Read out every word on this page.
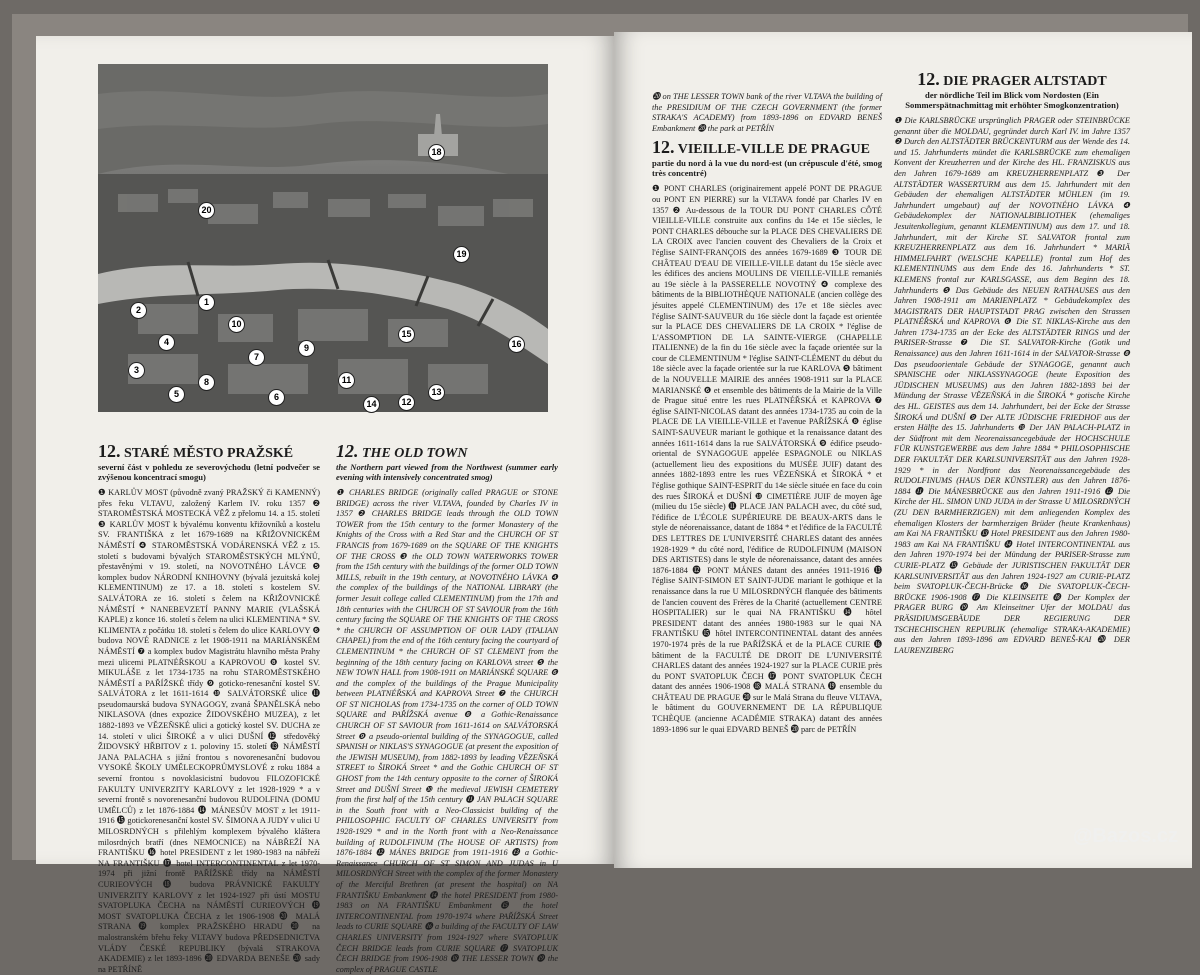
18
20
19
1
2
10
4
15
16
9
7
3
13
5
8	11
12
6
14
12. STARÉ MĚSTO PRAŽSKÉ
severní část v pohledu ze severovýchodu (letní podvečer se zvýšenou koncentrací smogu)

❶ KARLŮV MOST (původně zvaný PRAŽSKÝ či KAMENNÝ) přes řeku VLTAVU, založený Karlem IV. roku 1357 ❷ STAROMĚSTSKÁ MOSTECKÁ VĚŽ z přelomu 14. a 15. století ❸ KARLŮV MOST k bývalému konventu křižovníků a kostelu SV. FRANTIŠKA z let 1679-1689 na KŘIŽOVNICKÉM NÁMĚSTÍ ❹ STAROMĚSTSKÁ VODÁRENSKÁ VĚŽ z 15. století s budovami bývalých STAROMĚSTSKÝCH MLÝNŮ, přestavěnými v 19. století, na NOVOTNÉHO LÁVCE ❺ komplex budov NÁRODNÍ KNIHOVNY (bývalá jezuitská kolej KLEMENTINUM) ze 17. a 18. století s kostelem SV. SALVÁTORA ze 16. století s čelem na KŘIŽOVNICKÉ NÁMĚSTÍ * NANEBEVZETÍ PANNY MARIE (VLAŠSKÁ KAPLE) z konce 16. století s čelem na ulici KLEMENTINA * SV. KLIMENTA z počátku 18. století s čelem do ulice KARLOVY ❻ budova NOVÉ RADNICE z let 1908-1911 na MARIÁNSKÉM NÁMĚSTÍ ❼ a komplex budov Magistrátu hlavního města Prahy mezi ulicemi PLATNÉŘSKOU a KAPROVOU ❽ kostel SV. MIKULÁŠE z let 1734-1735 na rohu STAROMĚSTSKÉHO NÁMĚSTÍ a PAŘÍŽSKÉ třídy ❾ goticko-renesanční kostel SV. SALVÁTORA z let 1611-1614 ❿ SALVÁTORSKÉ ulice ⓫ pseudomaurská budova SYNAGOGY, zvaná ŠPANĚLSKÁ nebo NIKLASOVA (dnes expozice ŽIDOVSKÉHO MUZEA), z let 1882-1893 ve VĚZEŇSKÉ ulici a gotický kostel SV. DUCHA ze 14. století v ulici ŠIROKÉ a v ulici DUŠNÍ ⓬ středověký ŽIDOVSKÝ HŘBITOV z 1. poloviny 15. století ⓭ NÁMĚSTÍ JANA PALACHA s jižní frontou s novorenesanční budovou VYSOKÉ ŠKOLY UMĚLECKOPRŮMYSLOVÉ z roku 1884 a severní frontou s novoklasicistní budovou FILOZOFICKÉ FAKULTY UNIVERZITY KARLOVY z let 1928-1929 * a v severní frontě s novorenesanční budovou RUDOLFINA (DOMU UMĚLCŮ) z let 1876-1884 ⓮ MÁNESŮV MOST z let 1911-1916 ⓯ gotickorenesanční kostel SV. ŠIMONA A JUDY v ulici U MILOSRDNÝCH s přilehlým komplexem bývalého kláštera milosrdných bratří (dnes NEMOCNICE) na NÁBŘEŽÍ NA FRANTIŠKU ⓰ hotel PRESIDENT z let 1980-1983 na nábřeží NA FRANTIŠKU ⓱ hotel INTERCONTINENTAL z let 1970-1974 při jižní frontě PAŘÍŽSKÉ třídy na NÁMĚSTÍ CURIEOVÝCH ⓲ budova PRÁVNICKÉ FAKULTY UNIVERZITY KARLOVY z let 1924-1927 při ústí MOSTU SVATOPLUKA ČECHA na NÁMĚSTÍ CURIEOVÝCH ⓳ MOST SVATOPLUKA ČECHA z let 1906-1908 ⓴ MALÁ STRANA ⓳ komplex PRAŽSKÉHO HRADU ⓴ na malostranském břehu řeky VLTAVY budova PŘEDSEDNICTVA VLÁDY ČESKÉ REPUBLIKY (bývalá STRAKOVA AKADEMIE) z let 1893-1896 ⓴ EDVARDA BENEŠE ⓴ sady na PETŘÍNĚ

12. THE OLD TOWN
the Northern part viewed from the Northwest (summer early evening with intensively concentrated smog)

❶ CHARLES BRIDGE (originally called PRAGUE or STONE BRIDGE) across the river VLTAVA, founded by Charles IV in 1357 ❷ CHARLES BRIDGE leads through the OLD TOWN TOWER from the 15th century to the former Monastery of the Knights of the Cross with a Red Star and the CHURCH OF ST FRANCIS from 1679-1689 on the SQUARE OF THE KNIGHTS OF THE CROSS ❸ the OLD TOWN WATERWORKS TOWER from the 15th century with the buildings of the former OLD TOWN MILLS, rebuilt in the 19th century, at NOVOTNÉHO LÁVKA ❹ the complex of the buildings of the NATIONAL LIBRARY (the former Jesuit college called CLEMENTINUM) from the 17th and 18th centuries with the CHURCH OF ST SAVIOUR from the 16th century facing the SQUARE OF THE KNIGHTS OF THE CROSS * the CHURCH OF ASSUMPTION OF OUR LADY (ITALIAN CHAPEL) from the end of the 16th century facing the courtyard of CLEMENTINUM * the CHURCH OF ST CLEMENT from the beginning of the 18th century facing on KARLOVA street ❺ the NEW TOWN HALL from 1908-1911 on MARIÁNSKÉ SQUARE ❻ and the complex of the buildings of the Prague Municipality between PLATNÉŘSKÁ and KAPROVA Street ❼ the CHURCH OF ST NICHOLAS from 1734-1735 on the corner of OLD TOWN SQUARE and PAŘÍŽSKÁ avenue ❽ a Gothic-Renaissance CHURCH OF ST SAVIOUR from 1611-1614 on SALVÁTORSKÁ Street ❾ a pseudo-oriental building of the SYNAGOGUE, called SPANISH or NIKLAS'S SYNAGOGUE (at present the exposition of the JEWISH MUSEUM), from 1882-1893 by leading VĚZEŇSKÁ STREET to ŠIROKÁ Street * and the Gothic CHURCH OF ST GHOST from the 14th century opposite to the corner of ŠIROKÁ Street and DUŠNÍ Street ❿ the medieval JEWISH CEMETERY from the first half of the 15th century ⓫ JAN PALACH SQUARE in the South front with a Neo-Classicist building of the PHILOSOPHIC FACULTY OF CHARLES UNIVERSITY from 1928-1929 * and in the North front with a Neo-Renaissance building of RUDOLFINUM (The HOUSE OF ARTISTS) from 1876-1884 ⓬ MÁNES BRIDGE from 1911-1916 ⓭ a Gothic-Renaissance CHURCH OF ST SIMON AND JUDAS in U MILOSRDNÝCH Street with the complex of the former Monastery of the Merciful Brethren (at present the hospital) on NA FRANTIŠKU Embankment ⓮ the hotel PRESIDENT from 1980-1983 on NA FRANTIŠKU Embankment ⓯ the hotel INTERCONTINENTAL from 1970-1974 where PAŘÍŽSKÁ Street leads to CURIE SQUARE ⓰ a building of the FACULTY OF LAW CHARLES UNIVERSITY from 1924-1927 where SVATOPLUK ČECH BRIDGE leads from CURIE SQUARE ⓱ SVATOPLUK ČECH BRIDGE from 1906-1908 ⓲ THE LESSER TOWN ⓳ the complex of PRAGUE CASTLE

⓴ on THE LESSER TOWN bank of the river VLTAVA the building of the PRESIDIUM OF THE CZECH GOVERNMENT (the former STRAKA'S ACADEMY) from 1893-1896 on EDVARD BENEŠ Embankment ⓴ the park at PETŘÍN

12. VIEILLE-VILLE DE PRAGUE
partie du nord à la vue du nord-est (un crépuscule d'été, smog très concentré)

❶ PONT CHARLES (originairement appelé PONT DE PRAGUE ou PONT EN PIERRE) sur la VLTAVA fondé par Charles IV en 1357 ❷ Au-dessous de la TOUR DU PONT CHARLES CÔTÉ VIEILLE-VILLE construite aux confins du 14e et 15e siècles, le PONT CHARLES débouche sur la PLACE DES CHEVALIERS DE LA CROIX avec l'ancien couvent des Chevaliers de la Croix et l'église SAINT-FRANÇOIS des années 1679-1689 ❸ TOUR DE CHÂTEAU D'EAU DE VIEILLE-VILLE datant du 15e siècle avec les édifices des anciens MOULINS DE VIEILLE-VILLE remaniés au 19e siècle à la PASSERELLE NOVOTNÝ ❹ complexe des bâtiments de la BIBLIOTHÈQUE NATIONALE (ancien collège des jésuites appelé CLEMENTINUM) des 17e et 18e siècles avec l'église SAINT-SAUVEUR du 16e siècle dont la façade est orientée sur la PLACE DES CHEVALIERS DE LA CROIX * l'église de L'ASSOMPTION DE LA SAINTE-VIERGE (CHAPELLE ITALIENNE) de la fin du 16e siècle avec la façade orientée sur la cour de CLEMENTINUM * l'église SAINT-CLÉMENT du début du 18e siècle avec la façade orientée sur la rue KARLOVA ❺ bâtiment de la NOUVELLE MAIRIE des années 1908-1911 sur la PLACE MARIANSKÉ ❻ et ensemble des bâtiments de la Mairie de la Ville de Prague situé entre les rues PLATNÉŘSKÁ et KAPROVA ❼ église SAINT-NICOLAS datant des années 1734-1735 au coin de la PLACE DE LA VIEILLE-VILLE et l'avenue PAŘÍŽSKÁ ❽ église SAINT-SAUVEUR mariant le gothique et la renaissance datant des années 1611-1614 dans la rue SALVÁTORSKÁ ❾ édifice pseudo-oriental de SYNAGOGUE appelée ESPAGNOLE ou NIKLAS (actuellement lieu des expositions du MUSÉE JUIF) datant des années 1882-1893 entre les rues VĚZEŇSKÁ et ŠIROKÁ * et l'église gothique SAINT-ESPRIT du 14e siècle située en face du coin des rues ŠIROKÁ et DUŠNÍ ❿ CIMETIÈRE JUIF de moyen âge (milieu du 15e siècle) ⓫ PLACE JAN PALACH avec, du côté sud, l'édifice de L'ÉCOLE SUPÉRIEURE DE BEAUX-ARTS dans le style de néorenaissance, datant de 1884 * et l'édifice de la FACULTÉ DES LETTRES DE L'UNIVERSITÉ CHARLES datant des années 1928-1929 * du côté nord, l'édifice de RUDOLFINUM (MAISON DES ARTISTES) dans le style de néorenaissance, datant des années 1876-1884 ⓬ PONT MÁNES datant des années 1911-1916 ⓭ l'église SAINT-SIMON ET SAINT-JUDE mariant le gothique et la renaissance dans la rue U MILOSRDNÝCH flanquée des bâtiments de l'ancien couvent des Frères de la Charité (actuellement CENTRE HOSPITALIER) sur le quai NA FRANTIŠKU ⓮ hôtel PRESIDENT datant des années 1980-1983 sur le quai NA FRANTIŠKU ⓯ hôtel INTERCONTINENTAL datant des années 1970-1974 près de la rue PAŘÍŽSKÁ et de la PLACE CURIE ⓰ bâtiment de la FACULTÉ DE DROIT DE L'UNIVERSITÉ CHARLES datant des années 1924-1927 sur la PLACE CURIE près du PONT SVATOPLUK ČECH ⓱ PONT SVATOPLUK ČECH datant des années 1906-1908 ⓲ MALÁ STRANA ⓳ ensemble du CHÂTEAU DE PRAGUE ⓴ sur le Malá Strana du fleuve VLTAVA, le bâtiment du GOUVERNEMENT DE LA RÉPUBLIQUE TCHÈQUE (ancienne ACADÉMIE STRAKA) datant des années 1893-1896 sur le quai EDVARD BENEŠ ⓴ parc de PETŘÍN

12. DIE PRAGER ALTSTADT
der nördliche Teil im Blick vom Nordosten (Ein Sommerspätnachmittag mit erhöhter Smogkonzentration)

❶ Die KARLSBRÜCKE ursprünglich PRAGER oder STEINBRÜCKE genannt über die MOLDAU, gegründet durch Karl IV. im Jahre 1357 ❷ Durch den ALTSTÄDTER BRÜCKENTURM aus der Wende des 14. und 15. Jahrhunderts mündet die KARLSBRÜCKE zum ehemaligen Konvent der Kreuzherren und der Kirche des HL. FRANZISKUS aus den Jahren 1679-1689 am KREUZHERRENPLATZ ❸ Der ALTSTÄDTER WASSERTURM aus dem 15. Jahrhundert mit den Gebäuden der ehemaligen ALTSTÄDTER MÜHLEN (im 19. Jahrhundert umgebaut) auf der NOVOTNÉHO LÁVKA ❹ Gebäudekomplex der NATIONALBIBLIOTHEK (ehemaliges Jesuitenkollegium, genannt KLEMENTINUM) aus dem 17. und 18. Jahrhundert, mit der Kirche ST. SALVATOR frontal zum KREUZHERRENPLATZ aus dem 16. Jahrhundert * MARIÄ HIMMELFAHRT (WELSCHE KAPELLE) frontal zum Hof des KLEMENTINUMS aus dem Ende des 16. Jahrhunderts * ST. KLEMENS frontal zur KARLSGASSE, aus dem Beginn des 18. Jahrhunderts ❺ Das Gebäude des NEUEN RATHAUSES aus den Jahren 1908-1911 am MARIENPLATZ * Gebäudekomplex des MAGISTRATS DER HAUPTSTADT PRAG zwischen den Strassen PLATNÉŘSKÁ und KAPROVA ❻ Die ST. NIKLAS-Kirche aus den Jahren 1734-1735 an der Ecke des ALTSTÄDTER RINGS und der PARISER-Strasse ❼ Die ST. SALVATOR-Kirche (Gotik und Renaissance) aus den Jahren 1611-1614 in der SALVATOR-Strasse ❽ Das pseudoorientale Gebäude der SYNAGOGE, genannt auch SPANISCHE oder NIKLASSYNAGOGE (heute Exposition des JÜDISCHEN MUSEUMS) aus den Jahren 1882-1893 bei der Mündung der Strasse VĚZEŇSKÁ in die ŠIROKÁ * gotische Kirche des HL. GEISTES aus dem 14. Jahrhundert, bei der Ecke der Strasse ŠIROKÁ und DUŠNÍ ❾ Der ALTE JÜDISCHE FRIEDHOF aus der ersten Hälfte des 15. Jahrhunderts ❿ Der JAN PALACH-PLATZ in der Südfront mit dem Neorenaissancegebäude der HOCHSCHULE FÜR KUNSTGEWERBE aus dem Jahre 1884 * PHILOSOPHISCHE DER FAKULTÄT DER KARLSUNIVERSITÄT aus den Jahren 1928-1929 * in der Nordfront das Neorenaissancegebäude des RUDOLFINUMS (HAUS DER KÜNSTLER) aus den Jahren 1876-1884 ⓫ Die MÁNESBRÜCKE aus den Jahren 1911-1916 ⓬ Die Kirche der HL. SIMON UND JUDA in der Strasse U MILOSRDNÝCH (ZU DEN BARMHERZIGEN) mit dem anliegenden Komplex des ehemaligen Klosters der barmherzigen Brüder (heute Krankenhaus) am Kai NA FRANTIŠKU ⓭ Hotel PRESIDENT aus den Jahren 1980-1983 am Kai NA FRANTIŠKU ⓮ Hotel INTERCONTINENTAL aus den Jahren 1970-1974 bei der Mündung der PARISER-Strasse zum CURIE-PLATZ ⓯ Gebäude der JURISTISCHEN FAKULTÄT DER KARLSUNIVERSITÄT aus den Jahren 1924-1927 am CURIE-PLATZ beim SVATOPLUK-ČECH-Brücke ⓰ Die SVATOPLUK-ČECH-BRÜCKE 1906-1908 ⓱ Die KLEINSEITE ⓲ Der Komplex der PRAGER BURG ⓳ Am Kleinseitner Ufer der MOLDAU das PRÄSIDIUMSGEBÄUDE DER REGIERUNG DER TSCHECHISCHEN REPUBLIK (ehemalige STRAKA-AKADEMIE) aus den Jahren 1893-1896 am EDVARD BENEŠ-KAI ⓴ DER LAURENZIBERG

@Bazos.cz
